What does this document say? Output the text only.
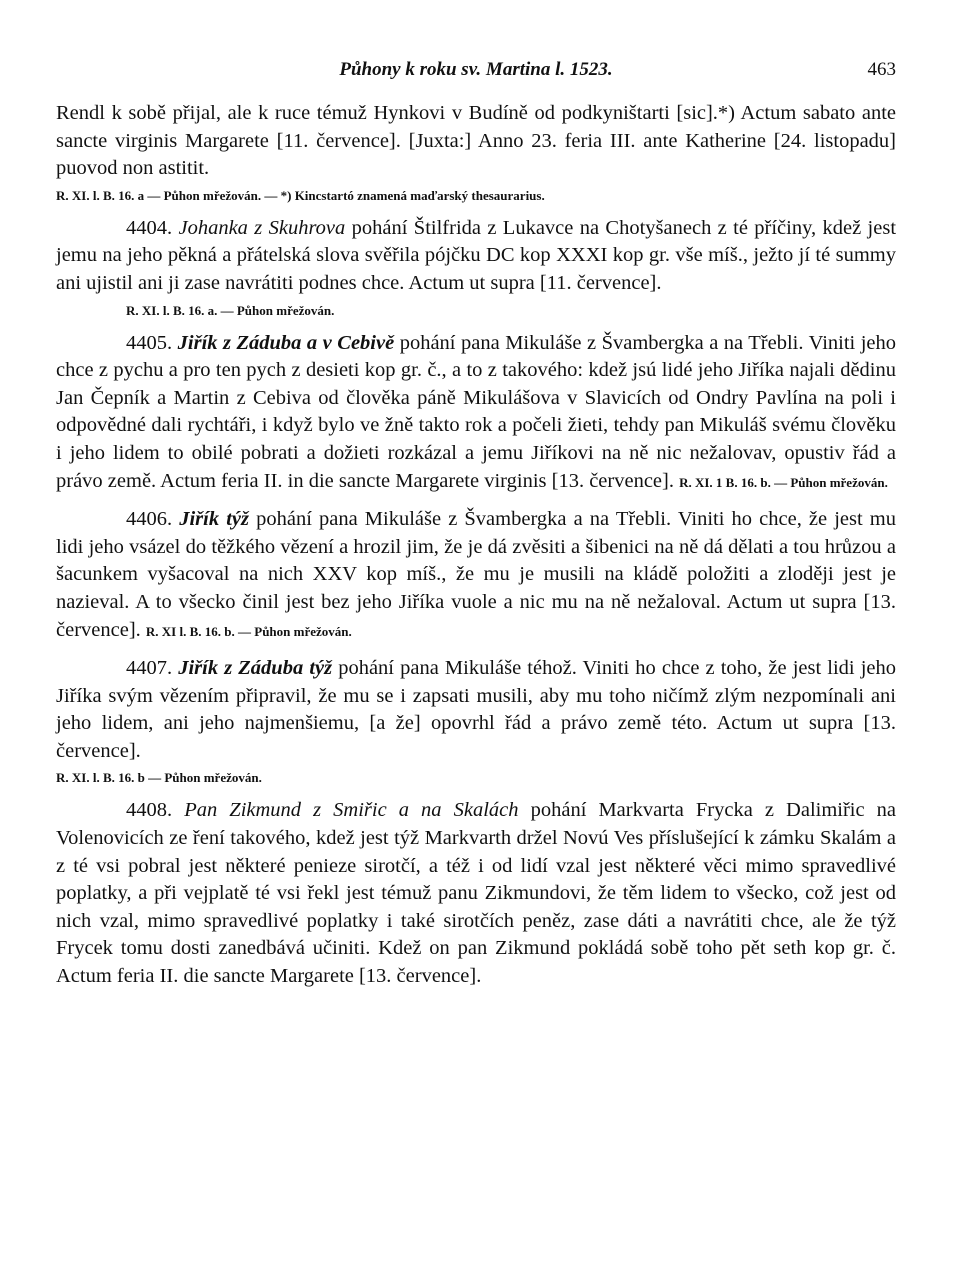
Půhony k roku sv. Martina l. 1523.	463

Rendl k sobě přijal, ale k ruce témuž Hynkovi v Budíně od podkyništarti [sic].*) Actum sabato ante sancte virginis Margarete [11. července]. [Juxta:] Anno 23. feria III. ante Katherine [24. listopadu] puovod non astitit.

R. XI. l. B. 16. a — Půhon mřežován. — *) Kincstartó znamená maďarský thesaurarius.

4404. Johanka z Skuhrova pohání Štilfrida z Lukavce na Chotyšanech z té příčiny, kdež jest jemu na jeho pěkná a přátelská slova svěřila pójčku DC kop XXXI kop gr. vše míš., ježto jí té summy ani ujistil ani ji zase navrátiti podnes chce. Actum ut supra [11. července].

R. XI. l. B. 16. a. — Půhon mřežován.

4405. Jiřík z Záduba a v Cebivě pohání pana Mikuláše z Švambergka a na Třebli. Viniti jeho chce z pychu a pro ten pych z desieti kop gr. č., a to z takového: kdež jsú lidé jeho Jiříka najali dědinu Jan Čepník a Martin z Cebiva od člověka páně Mikulášova v Slavicích od Ondry Pavlína na poli i odpovědné dali rychtáři, i když bylo ve žně takto rok a počeli žieti, tehdy pan Mikuláš svému člověku i jeho lidem to obilé pobrati a dožieti rozkázal a jemu Jiříkovi na ně nic nežalovav, opustiv řád a právo země. Actum feria II. in die sancte Margarete virginis [13. července]. R. XI. 1 B. 16. b. — Půhon mřežován.

4406. Jiřík týž pohání pana Mikuláše z Švambergka a na Třebli. Viniti ho chce, že jest mu lidi jeho vsázel do těžkého vězení a hrozil jim, že je dá zvěsiti a šibenici na ně dá dělati a tou hrůzou a šacunkem vyšacoval na nich XXV kop míš., že mu je musili na kládě položiti a zloději jest je nazieval. A to všecko činil jest bez jeho Jiříka vuole a nic mu na ně nežaloval. Actum ut supra [13. července]. R. XI l. B. 16. b. — Půhon mřežován.

4407. Jiřík z Záduba týž pohání pana Mikuláše téhož. Viniti ho chce z toho, že jest lidi jeho Jiříka svým vězením připravil, že mu se i zapsati musili, aby mu toho ničímž zlým nezpomínali ani jeho lidem, ani jeho najmenšiemu, [a že] opovrhl řád a právo země této. Actum ut supra [13. července].

R. XI. l. B. 16. b — Půhon mřežován.

4408. Pan Zikmund z Smiřic a na Skalách pohání Markvarta Frycka z Dalimiřic na Volenovicích ze ření takového, kdež jest týž Markvarth držel Novú Ves příslušející k zámku Skalám a z té vsi pobral jest některé penieze sirotčí, a též i od lidí vzal jest některé věci mimo spravedlivé poplatky, a při vejplatě té vsi řekl jest témuž panu Zikmundovi, že těm lidem to všecko, což jest od nich vzal, mimo spravedlivé poplatky i také sirotčích peněz, zase dáti a navrátiti chce, ale že týž Frycek tomu dosti zanedbává učiniti. Kdež on pan Zikmund pokládá sobě toho pět seth kop gr. č. Actum feria II. die sancte Margarete [13. července].
